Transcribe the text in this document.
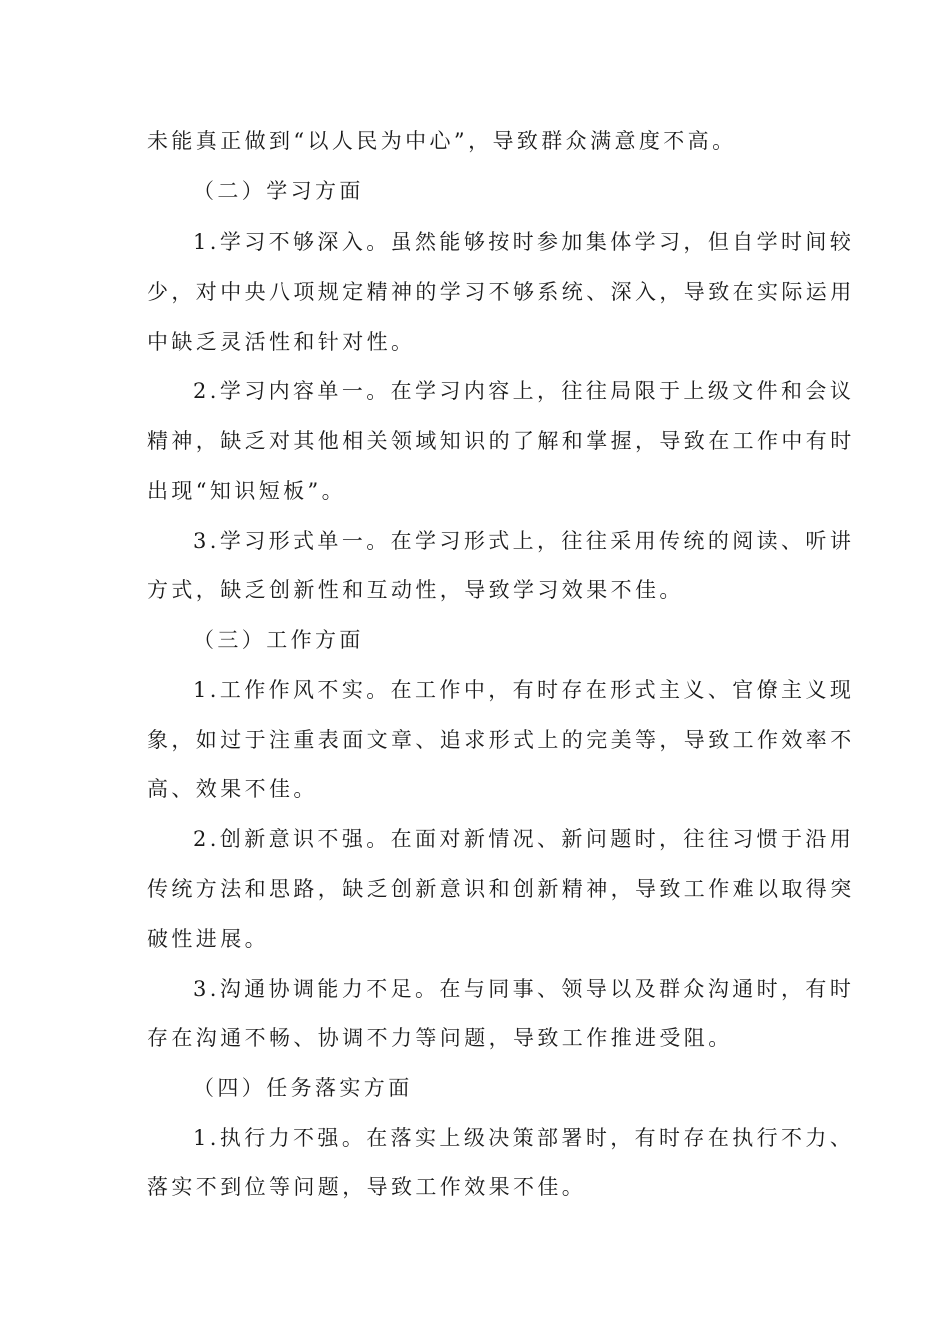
未能真正做到“以人民为中心”，导致群众满意度不高。
（二）学习方面
1.学习不够深入。虽然能够按时参加集体学习，但自学时间较
少，对中央八项规定精神的学习不够系统、深入，导致在实际运用
中缺乏灵活性和针对性。
2.学习内容单一。在学习内容上，往往局限于上级文件和会议
精神，缺乏对其他相关领域知识的了解和掌握，导致在工作中有时
出现“知识短板”。
3.学习形式单一。在学习形式上，往往采用传统的阅读、听讲
方式，缺乏创新性和互动性，导致学习效果不佳。
（三）工作方面
1.工作作风不实。在工作中，有时存在形式主义、官僚主义现
象，如过于注重表面文章、追求形式上的完美等，导致工作效率不
高、效果不佳。
2.创新意识不强。在面对新情况、新问题时，往往习惯于沿用
传统方法和思路，缺乏创新意识和创新精神，导致工作难以取得突
破性进展。
3.沟通协调能力不足。在与同事、领导以及群众沟通时，有时
存在沟通不畅、协调不力等问题，导致工作推进受阻。
（四）任务落实方面
1.执行力不强。在落实上级决策部署时，有时存在执行不力、
落实不到位等问题，导致工作效果不佳。
